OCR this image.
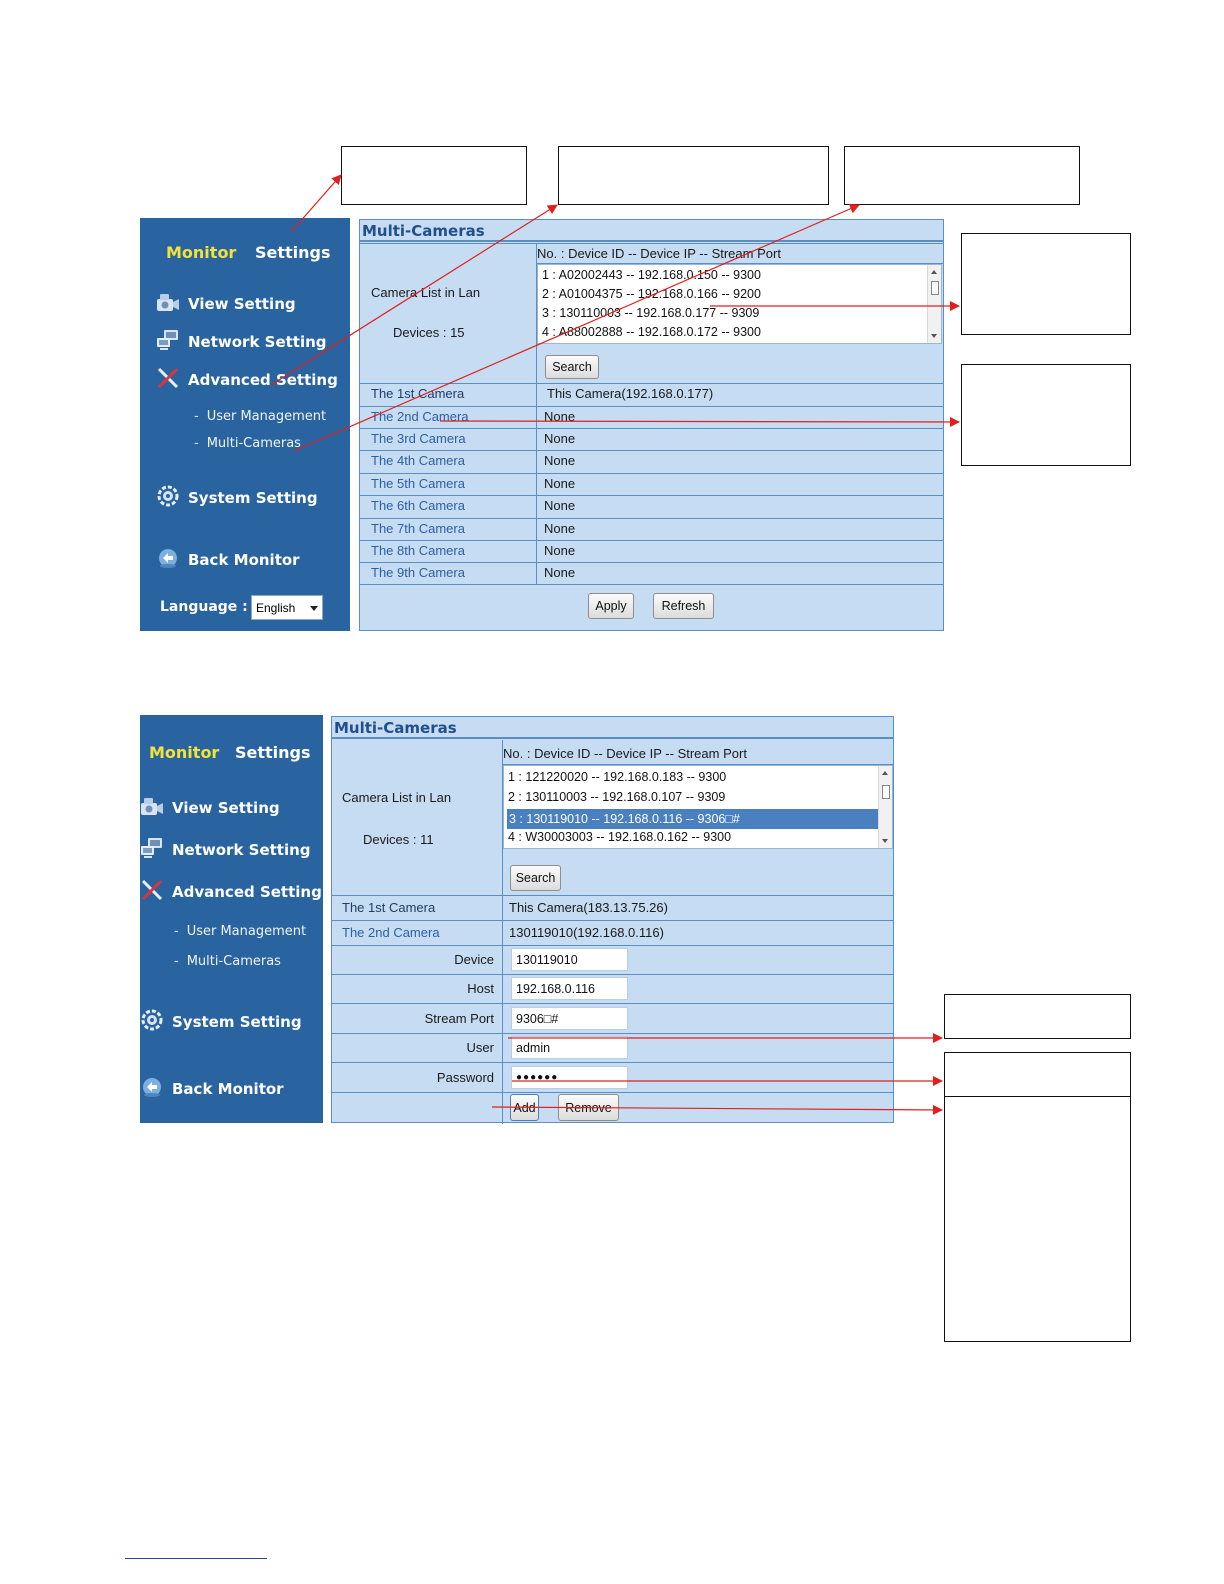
Monitor Settings
View Setting
Network Setting
Advanced Setting
- User Management
- Multi-Cameras
System Setting
Back Monitor
Language : English
Multi-Cameras
Camera List in Lan
Devices : 15
No. : Device ID -- Device IP -- Stream Port
1 : A02002443 -- 192.168.0.150 -- 9300
2 : A01004375 -- 192.168.0.166 -- 9200
3 : 130110003 -- 192.168.0.177 -- 9309
4 : A88002888 -- 192.168.0.172 -- 9300
Search
The 1st Camera	This Camera(192.168.0.177)
The 2nd Camera	None
The 3rd Camera	None
The 4th Camera	None
The 5th Camera	None
The 6th Camera	None
The 7th Camera	None
The 8th Camera	None
The 9th Camera	None
Apply	Refresh
Monitor Settings
View Setting
Network Setting
Advanced Setting
- User Management
- Multi-Cameras
System Setting
Back Monitor
Multi-Cameras
Camera List in Lan
Devices : 11
No. : Device ID -- Device IP -- Stream Port
1 : 121220020 -- 192.168.0.183 -- 9300
2 : 130110003 -- 192.168.0.107 -- 9309
3 : 130119010 -- 192.168.0.116 -- 9306□#
4 : W30003003 -- 192.168.0.162 -- 9300
Search
The 1st Camera	This Camera(183.13.75.26)
The 2nd Camera	130119010(192.168.0.116)
Device	130119010
Host	192.168.0.116
Stream Port	9306□#
User	admin
Password	●●●●●●
Add	Remove
